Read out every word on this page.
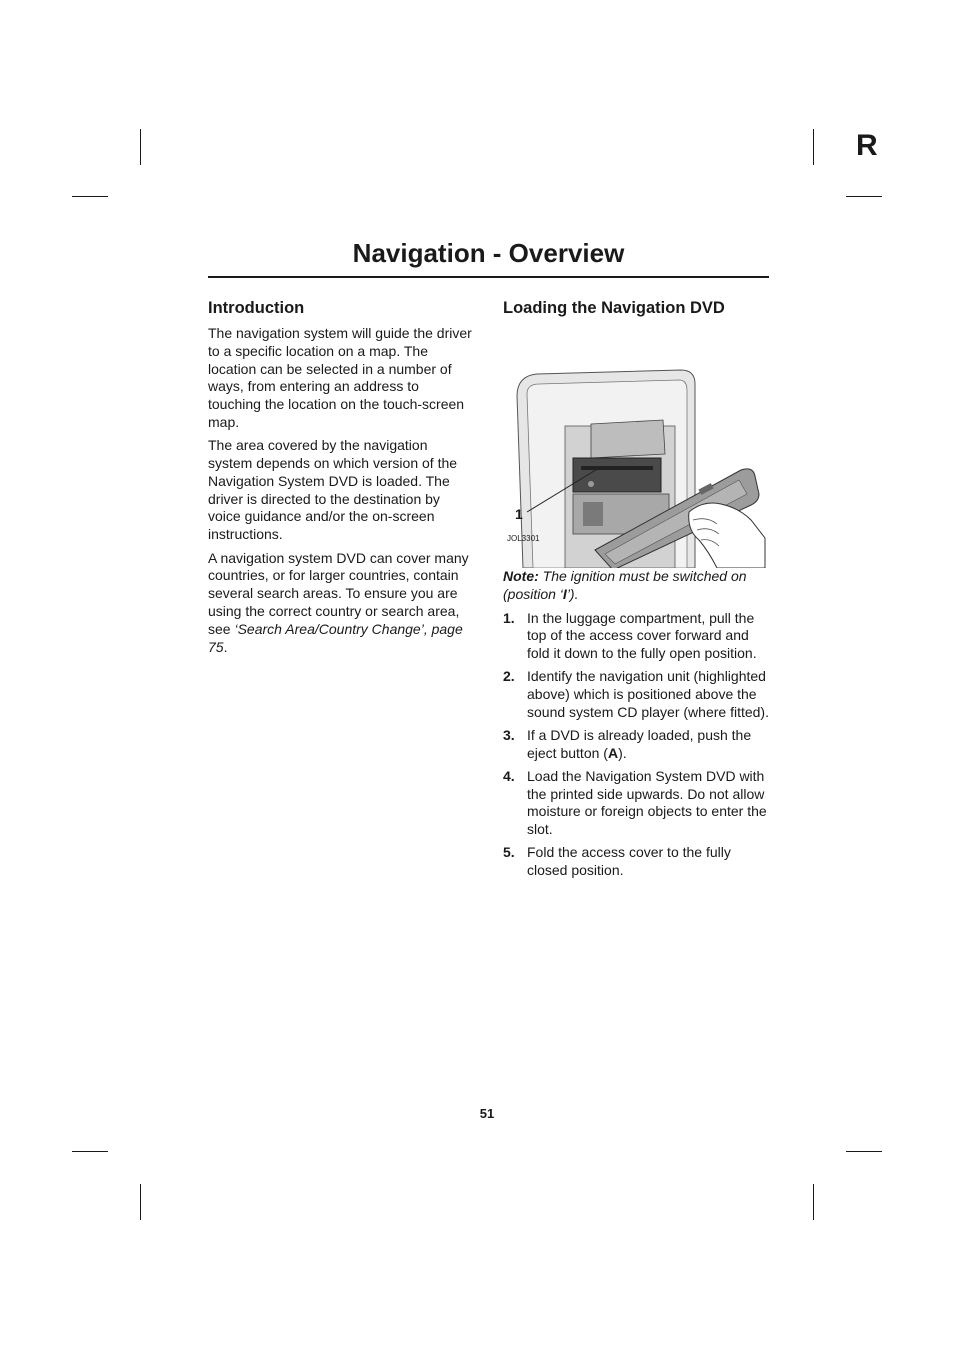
R
Navigation - Overview
Introduction

The navigation system will guide the driver to a specific location on a map. The location can be selected in a number of ways, from entering an address to touching the location on the touch-screen map.

The area covered by the navigation system depends on which version of the Navigation System DVD is loaded. The driver is directed to the destination by voice guidance and/or the on-screen instructions.

A navigation system DVD can cover many countries, or for larger countries, contain several search areas. To ensure you are using the correct country or search area, see ‘Search Area/Country Change’, page 75.

Loading the Navigation DVD
1
JOL3301

Note: The ignition must be switched on (position ‘I’).

1. In the luggage compartment, pull the top of the access cover forward and fold it down to the fully open position.
2. Identify the navigation unit (highlighted above) which is positioned above the sound system CD player (where fitted).
3. If a DVD is already loaded, push the eject button (A).
4. Load the Navigation System DVD with the printed side upwards. Do not allow moisture or foreign objects to enter the slot.
5. Fold the access cover to the fully closed position.
51
